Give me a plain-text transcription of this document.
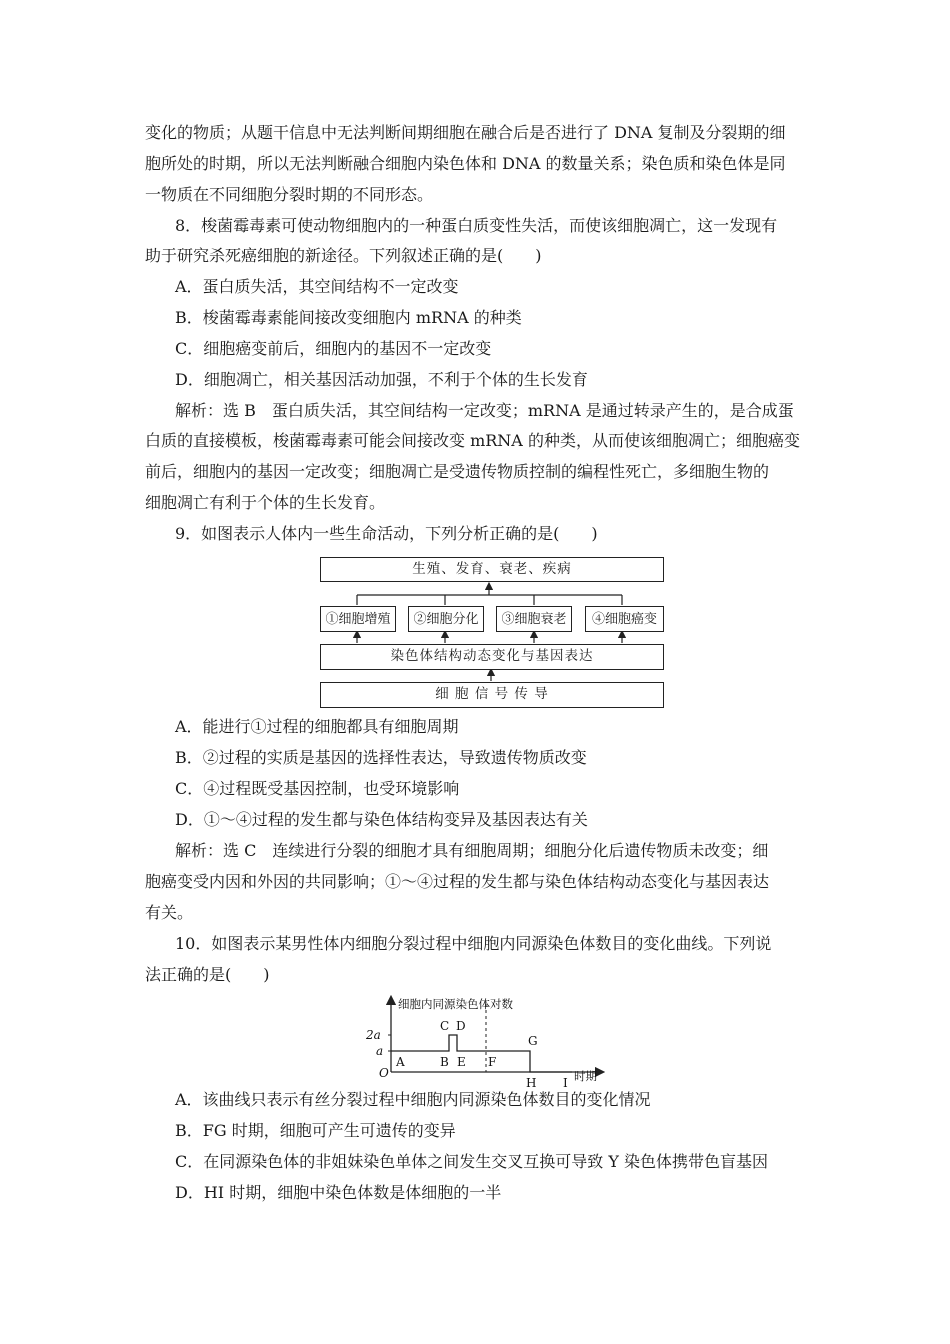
变化的物质；从题干信息中无法判断间期细胞在融合后是否进行了 DNA 复制及分裂期的细
胞所处的时期，所以无法判断融合细胞内染色体和 DNA 的数量关系；染色质和染色体是同
一物质在不同细胞分裂时期的不同形态。
8．梭菌霉毒素可使动物细胞内的一种蛋白质变性失活，而使该细胞凋亡，这一发现有
助于研究杀死癌细胞的新途径。下列叙述正确的是(　　)
A．蛋白质失活，其空间结构不一定改变
B．梭菌霉毒素能间接改变细胞内 mRNA 的种类
C．细胞癌变前后，细胞内的基因不一定改变
D．细胞凋亡，相关基因活动加强，不利于个体的生长发育
解析：选 B　蛋白质失活，其空间结构一定改变；mRNA 是通过转录产生的，是合成蛋
白质的直接模板，梭菌霉毒素可能会间接改变 mRNA 的种类，从而使该细胞凋亡；细胞癌变
前后，细胞内的基因一定改变；细胞凋亡是受遗传物质控制的编程性死亡，多细胞生物的
细胞凋亡有利于个体的生长发育。
9．如图表示人体内一些生命活动，下列分析正确的是(　　)
生殖、发育、衰老、疾病
①细胞增殖	②细胞分化	③细胞衰老	④细胞癌变
染色体结构动态变化与基因表达
细 胞 信 号 传 导
A．能进行①过程的细胞都具有细胞周期
B．②过程的实质是基因的选择性表达，导致遗传物质改变
C．④过程既受基因控制，也受环境影响
D．①～④过程的发生都与染色体结构变异及基因表达有关
解析：选 C　连续进行分裂的细胞才具有细胞周期；细胞分化后遗传物质未改变；细
胞癌变受内因和外因的共同影响；①～④过程的发生都与染色体结构动态变化与基因表达
有关。
10．如图表示某男性体内细胞分裂过程中细胞内同源染色体数目的变化曲线。下列说
法正确的是(　　)
细胞内同源染色体对数
2a
a
O	时期
A	B
C D
E F
G
H I
A．该曲线只表示有丝分裂过程中细胞内同源染色体数目的变化情况
B．FG 时期，细胞可产生可遗传的变异
C．在同源染色体的非姐妹染色单体之间发生交叉互换可导致 Y 染色体携带色盲基因
D．HI 时期，细胞中染色体数是体细胞的一半
